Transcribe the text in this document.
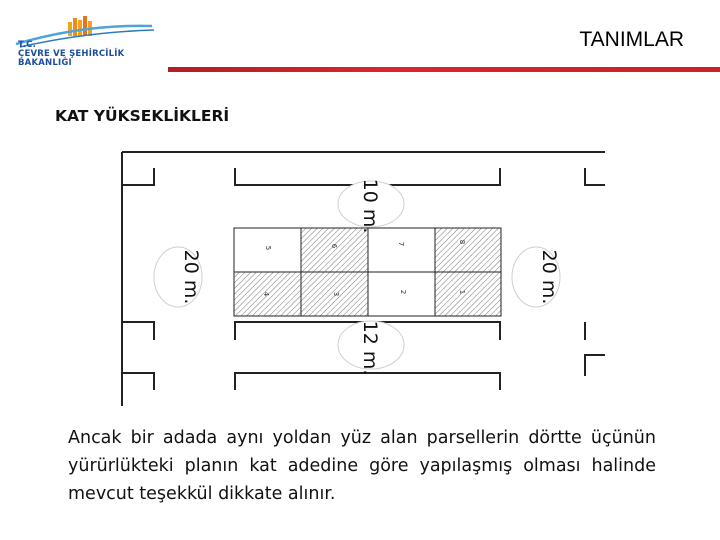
T.C.
ÇEVRE VE ŞEHİRCİLİK
BAKANLIĞI
TANIMLAR
KAT YÜKSEKLİKLERİ
5	6	7	8
4	3	2	1
10 m.
12 m.
20 m.	20 m.
Ancak bir adada aynı yoldan yüz alan parsellerin dörtte üçünün yürürlükteki planın kat adedine göre yapılaşmış olması halinde mevcut teşekkül dikkate alınır.
